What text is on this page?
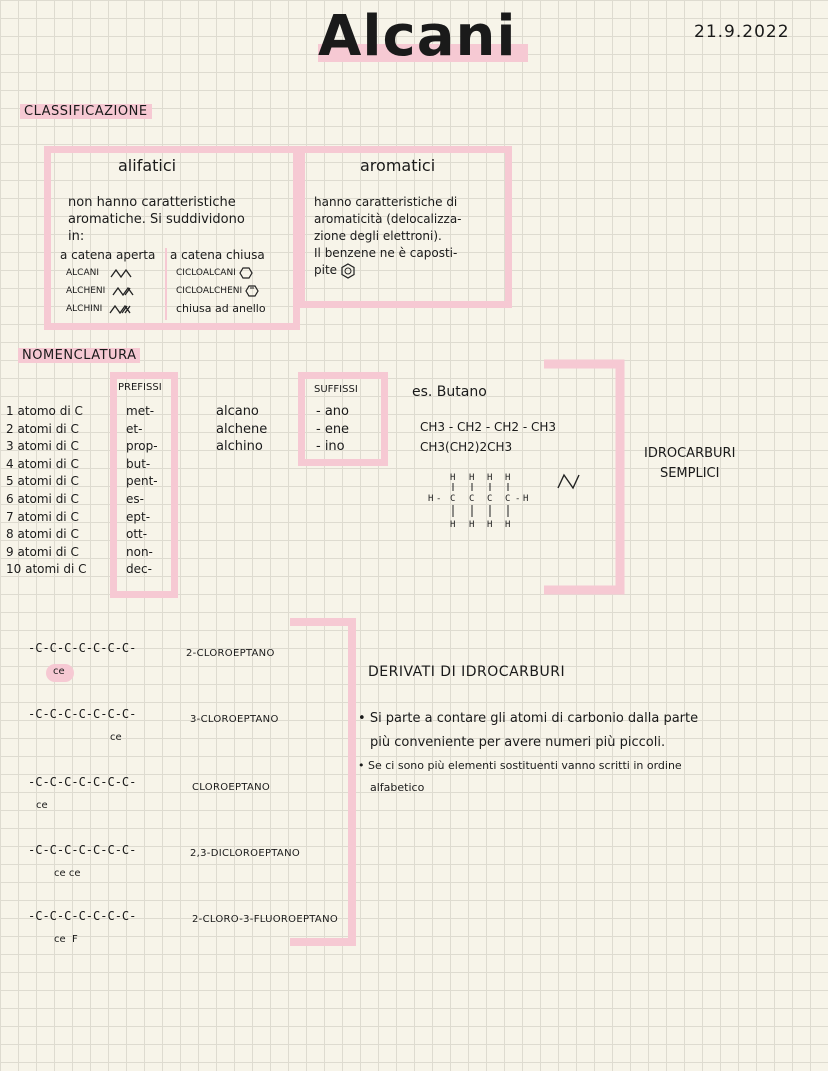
Alcani	21.9.2022
CLASSIFICAZIONE
alifatici
non hanno caratteristiche
aromatiche. Si suddividono
in:
a catena aperta a catena chiusa
ALCANI
ALCHENI
ALCHINI
CICLOALCANI
CICLOALCHENI
chiusa ad anello
aromatici
hanno caratteristiche di
aromaticità (delocalizza-
zione degli elettroni).
Il benzene ne è caposti-
pite
NOMENCLATURA
PREFISSI
1 atomo di C
2 atomi di C
3 atomi di C
4 atomi di C
5 atomi di C
6 atomi di C
7 atomi di C
8 atomi di C
9 atomi di C
10 atomi di C
met-
et-
prop-
but-
pent-
es-
ept-
ott-
non-
dec-
alcano
alchene
alchino
SUFFISSI
- ano
- ene
- ino
es. Butano
CH3 - CH2 - CH2 - CH3
CH3(CH2)2CH3
H H H H
H - C C C C - H
H H H H
IDROCARBURI
SEMPLICI
-C-C-C-C-C-C-C-
ce
2-CLOROEPTANO
-C-C-C-C-C-C-C-
ce
3-CLOROEPTANO
-C-C-C-C-C-C-C-
ce
CLOROEPTANO
-C-C-C-C-C-C-C-
ce ce
2,3-DICLOROEPTANO
-C-C-C-C-C-C-C-
ce  F
2-CLORO-3-FLUOROEPTANO
DERIVATI DI IDROCARBURI
• Si parte a contare gli atomi di carbonio dalla parte
più conveniente per avere numeri più piccoli.
• Se ci sono più elementi sostituenti vanno scritti in ordine
alfabetico
